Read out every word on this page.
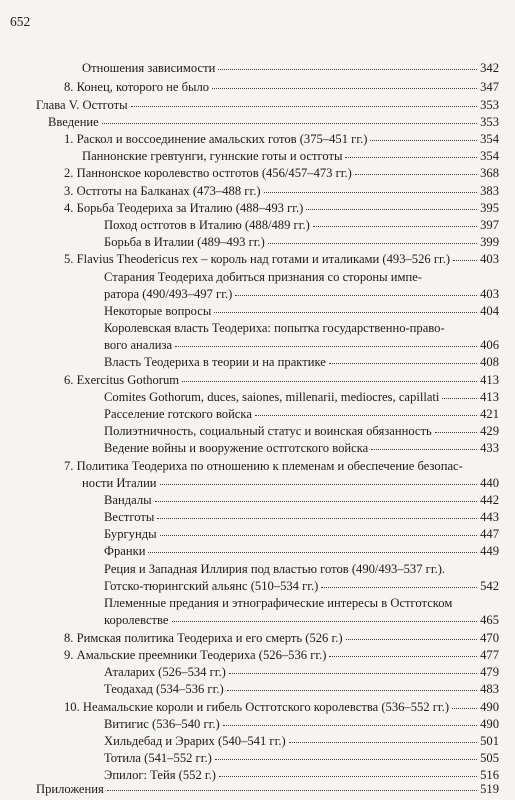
652
Отношения зависимости	342
8. Конец, которого не было	347
Глава V. Остготы	353
Введение	353
1. Раскол и воссоединение амальских готов (375–451 гг.)	354
Паннонские гревтунги, гуннские готы и остготы	354
2. Паннонское королевство остготов (456/457–473 гг.)	368
3. Остготы на Балканах (473–488 гг.)	383
4. Борьба Теодериха за Италию (488–493 гг.)	395
Поход остготов в Италию (488/489 гг.)	397
Борьба в Италии (489–493 гг.)	399
5. Flavius Theodericus rex – король над готами и италиками (493–526 гг.) 403
Старания Теодериха добиться признания со стороны импе-
ратора (490/493–497 гг.)	403
Некоторые вопросы	404
Королевская власть Теодериха: попытка государственно-право-
вого анализа	406
Власть Теодериха в теории и на практике	408
6. Exercitus Gothorum	413
Comites Gothorum, duces, saiones, millenarii, mediocres, capillati	413
Расселение готского войска	421
Полиэтничность, социальный статус и воинская обязанность	429
Ведение войны и вооружение остготского войска	433
7. Политика Теодериха по отношению к племенам и обеспечение безопас-
ности Италии	440
Вандалы	442
Вестготы	443
Бургунды	447
Франки	449
Реция и Западная Иллирия под властью готов (490/493–537 гг.).
Готско-тюрингский альянс (510–534 гг.)	542
Племенные предания и этнографические интересы в Остготском
королевстве	465
8. Римская политика Теодериха и его смерть (526 г.)	470
9. Амальские преемники Теодериха (526–536 гг.)	477
Аталарих (526–534 гг.)	479
Теодахад (534–536 гг.)	483
10. Неамальские короли и гибель Остготского королевства (536–552 гг.) 490
Витигис (536–540 гг.)	490
Хильдебад и Эрарих (540–541 гг.)	501
Тотила (541–552 гг.)	505
Эпилог: Тейя (552 г.)	516
Приложения	519
